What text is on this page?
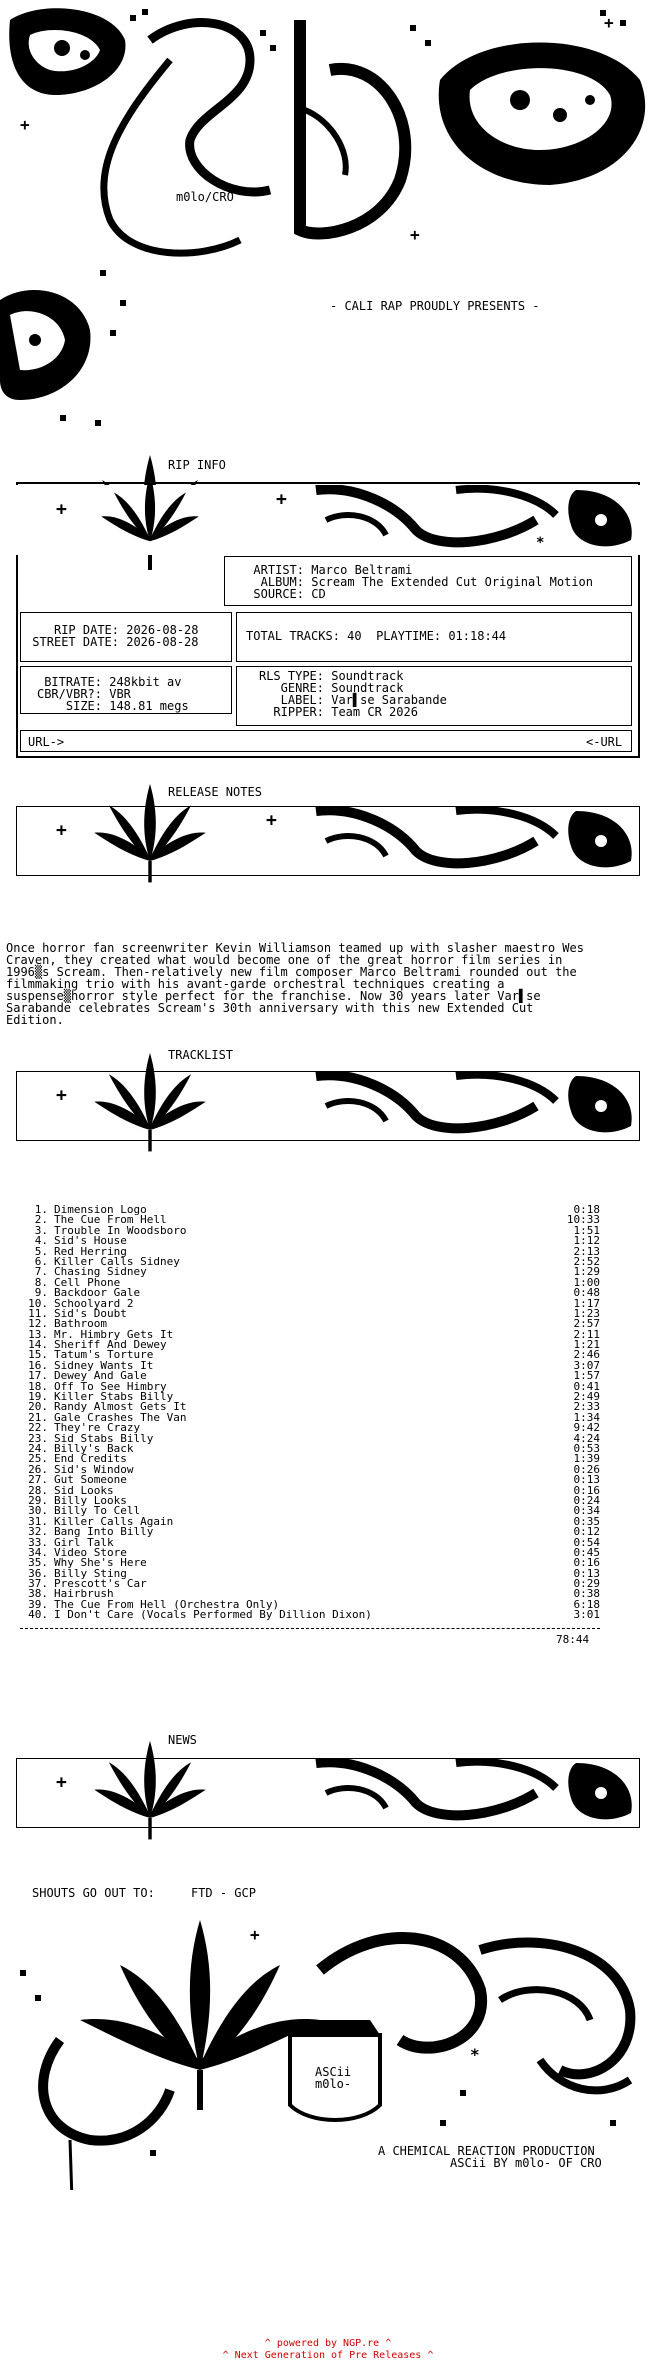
+
+
+
m0lo/CRO
- CALI RAP PROUDLY PRESENTS -
RIP INFO
+	+
*
ARTIST: Marco Beltrami
ALBUM: Scream The Extended Cut Original Motion
SOURCE: CD
RIP DATE: 2026-08-28
STREET DATE: 2026-08-28	TOTAL TRACKS: 40 PLAYTIME: 01:18:44
BITRATE: 248kbit av
CBR/VBR?: VBR
SIZE: 148.81 megs
RLS TYPE: Soundtrack
GENRE: Soundtrack
LABEL: Var▌se Sarabande
RIPPER: Team CR 2026
URL->	<-URL
RELEASE NOTES
+	+
Once horror fan screenwriter Kevin Williamson teamed up with slasher maestro Wes
Craven, they created what would become one of the great horror film series in
1996▒s Scream. Then-relatively new film composer Marco Beltrami rounded out the
filmmaking trio with his avant-garde orchestral techniques creating a
suspense▒horror style perfect for the franchise. Now 30 years later Var▌se
Sarabande celebrates Scream's 30th anniversary with this new Extended Cut
Edition.
TRACKLIST
+
1. Dimension Logo	0:18
2. The Cue From Hell	10:33
3. Trouble In Woodsboro	1:51
4. Sid's House	1:12
5. Red Herring	2:13
6. Killer Calls Sidney	2:52
7. Chasing Sidney	1:29
8. Cell Phone	1:00
9. Backdoor Gale	0:48
10. Schoolyard 2	1:17
11. Sid's Doubt	1:23
12. Bathroom	2:57
13. Mr. Himbry Gets It	2:11
14. Sheriff And Dewey	1:21
15. Tatum's Torture	2:46
16. Sidney Wants It	3:07
17. Dewey And Gale	1:57
18. Off To See Himbry	0:41
19. Killer Stabs Billy	2:49
20. Randy Almost Gets It	2:33
21. Gale Crashes The Van	1:34
22. They're Crazy	9:42
23. Sid Stabs Billy	4:24
24. Billy's Back	0:53
25. End Credits	1:39
26. Sid's Window	0:26
27. Gut Someone	0:13
28. Sid Looks	0:16
29. Billy Looks	0:24
30. Billy To Cell	0:34
31. Killer Calls Again	0:35
32. Bang Into Billy	0:12
33. Girl Talk	0:54
34. Video Store	0:45
35. Why She's Here	0:16
36. Billy Sting	0:13
37. Prescott's Car	0:29
38. Hairbrush	0:38
39. The Cue From Hell (Orchestra Only)	6:18
40. I Don't Care (Vocals Performed By Dillion Dixon)	3:01
78:44
NEWS
+
SHOUTS GO OUT TO:	FTD - GCP
+
*
+
ASCii
m0lo-
A CHEMICAL REACTION PRODUCTION
ASCii BY m0lo- OF CRO
^ powered by NGP.re ^
^ Next Generation of Pre Releases ^
